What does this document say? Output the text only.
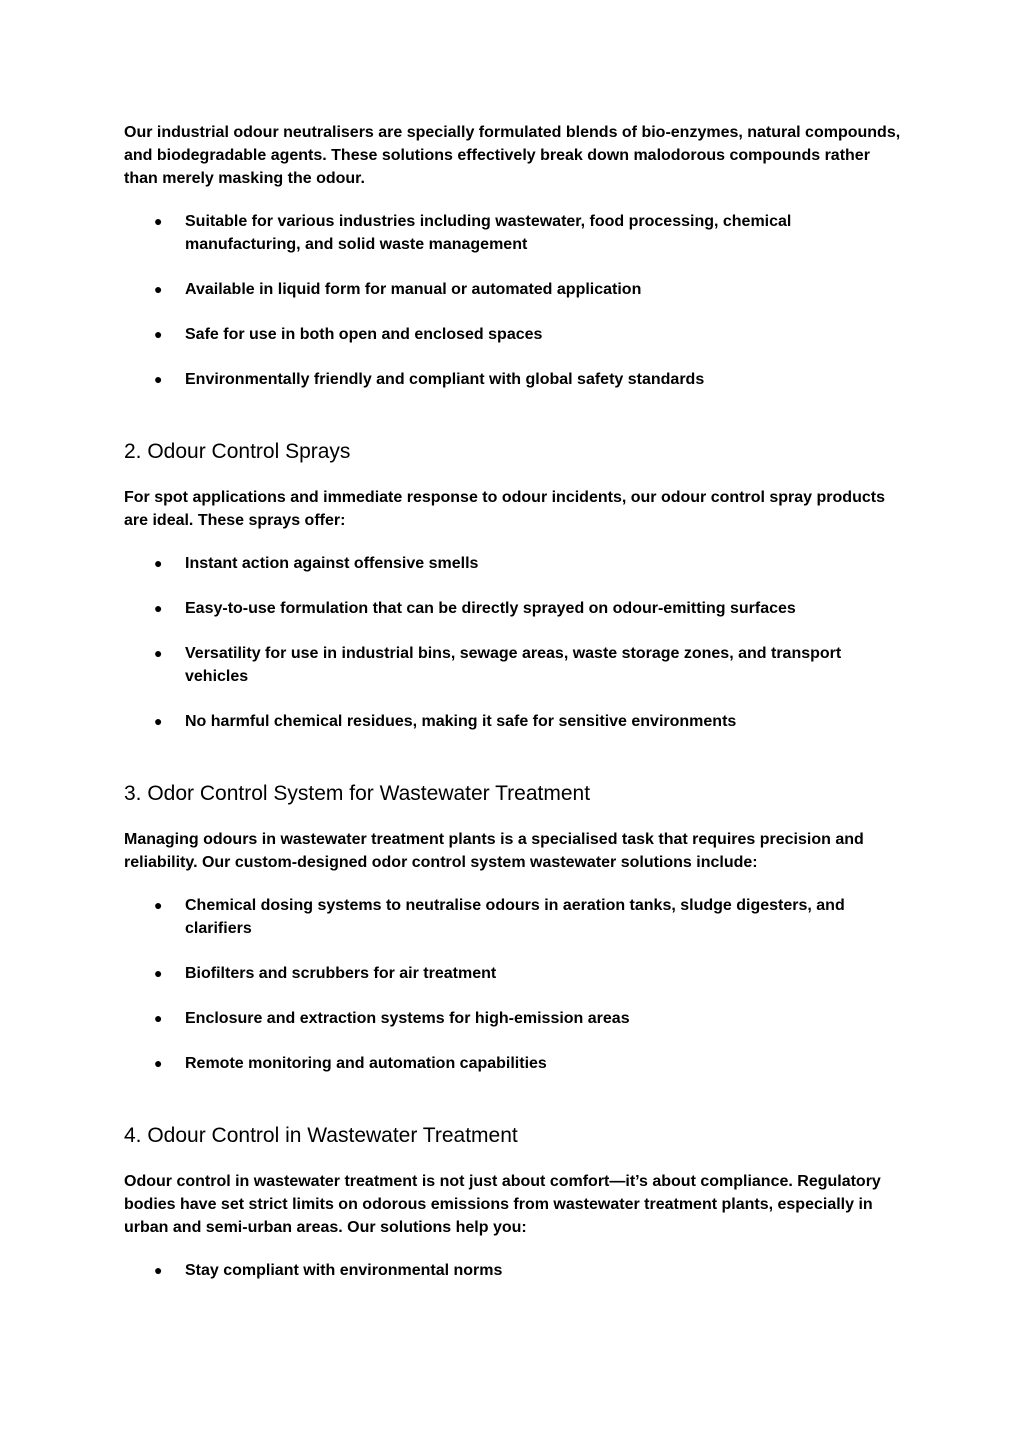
Our industrial odour neutralisers are specially formulated blends of bio-enzymes, natural compounds, and biodegradable agents. These solutions effectively break down malodorous compounds rather than merely masking the odour.

● Suitable for various industries including wastewater, food processing, chemical manufacturing, and solid waste management
● Available in liquid form for manual or automated application
● Safe for use in both open and enclosed spaces
● Environmentally friendly and compliant with global safety standards
2. Odour Control Sprays

For spot applications and immediate response to odour incidents, our odour control spray products are ideal. These sprays offer:

● Instant action against offensive smells
● Easy-to-use formulation that can be directly sprayed on odour-emitting surfaces
● Versatility for use in industrial bins, sewage areas, waste storage zones, and transport vehicles
● No harmful chemical residues, making it safe for sensitive environments
3. Odor Control System for Wastewater Treatment

Managing odours in wastewater treatment plants is a specialised task that requires precision and reliability. Our custom-designed odor control system wastewater solutions include:

● Chemical dosing systems to neutralise odours in aeration tanks, sludge digesters, and clarifiers
● Biofilters and scrubbers for air treatment
● Enclosure and extraction systems for high-emission areas
● Remote monitoring and automation capabilities
4. Odour Control in Wastewater Treatment

Odour control in wastewater treatment is not just about comfort—it’s about compliance. Regulatory bodies have set strict limits on odorous emissions from wastewater treatment plants, especially in urban and semi-urban areas. Our solutions help you:

● Stay compliant with environmental norms
